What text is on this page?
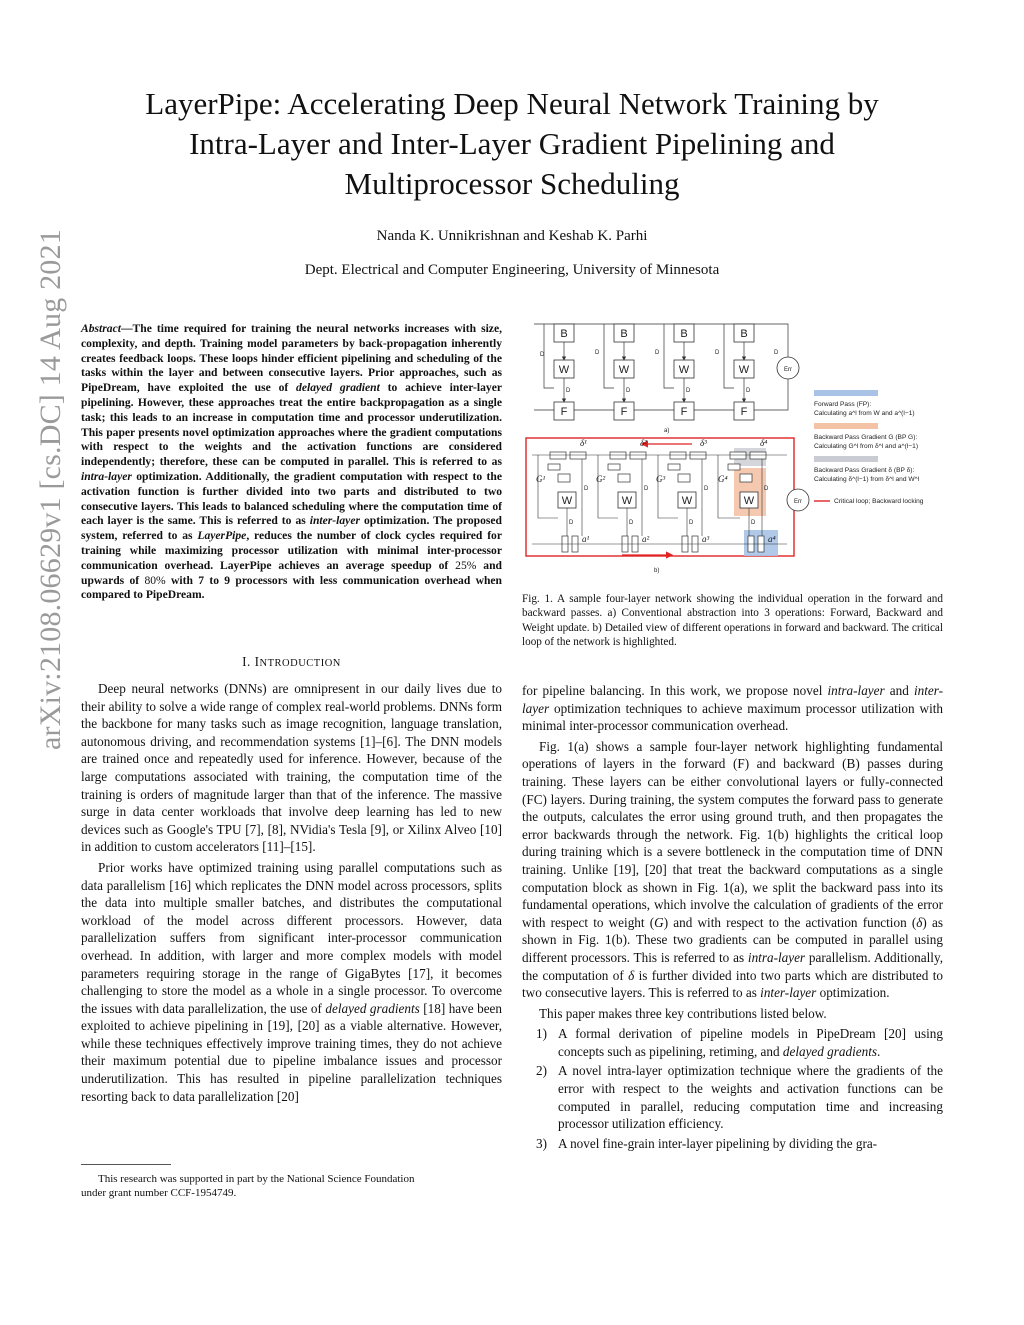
arXiv:2108.06629v1 [cs.DC] 14 Aug 2021
LayerPipe: Accelerating Deep Neural Network Training by
Intra-Layer and Inter-Layer Gradient Pipelining and
Multiprocessor Scheduling
Nanda K. Unnikrishnan and Keshab K. Parhi
Dept. Electrical and Computer Engineering, University of Minnesota
Abstract—The time required for training the neural networks increases with size, complexity, and depth. Training model parameters by back-propagation inherently creates feedback loops. These loops hinder efficient pipelining and scheduling of the tasks within the layer and between consecutive layers. Prior approaches, such as PipeDream, have exploited the use of delayed gradient to achieve inter-layer pipelining. However, these approaches treat the entire backpropagation as a single task; this leads to an increase in computation time and processor underutilization. This paper presents novel optimization approaches where the gradient computations with respect to the weights and the activation functions are considered independently; therefore, these can be computed in parallel. This is referred to as intra-layer optimization. Additionally, the gradient computation with respect to the activation function is further divided into two parts and distributed to two consecutive layers. This leads to balanced scheduling where the computation time of each layer is the same. This is referred to as inter-layer optimization. The proposed system, referred to as LayerPipe, reduces the number of clock cycles required for training while maximizing processor utilization with minimal inter-processor communication overhead. LayerPipe achieves an average speedup of 25% and upwards of 80% with 7 to 9 processors with less communication overhead when compared to PipeDream.
I. INTRODUCTION

Deep neural networks (DNNs) are omnipresent in our daily lives due to their ability to solve a wide range of complex real-world problems. DNNs form the backbone for many tasks such as image recognition, language translation, autonomous driving, and recommendation systems [1]–[6]. The DNN models are trained once and repeatedly used for inference. However, because of the large computations associated with training, the computation time of the training is orders of magnitude larger than that of the inference. The massive surge in data center workloads that involve deep learning has led to new devices such as Google's TPU [7], [8], NVidia's Tesla [9], or Xilinx Alveo [10] in addition to custom accelerators [11]–[15].

Prior works have optimized training using parallel computations such as data parallelism [16] which replicates the DNN model across processors, splits the data into multiple smaller batches, and distributes the computational workload of the model across different processors. However, data parallelization suffers from significant inter-processor communication overhead. In addition, with larger and more complex models with model parameters requiring storage in the range of GigaBytes [17], it becomes challenging to store the model as a whole in a single processor. To overcome the issues with data parallelization, the use of delayed gradients [18] have been exploited to achieve pipelining in [19], [20] as a viable alternative. However, while these techniques effectively improve training times, they do not achieve their maximum potential due to pipeline imbalance issues and processor underutilization. This has resulted in pipeline parallelization techniques resorting back to data parallelization [20]

This research was supported in part by the National Science Foundation
under grant number CCF-1954749.
B	B	B	B
W	W	W	W
F	F	F	F
D	D	D	D	D
D	D	D	D
Err
a)
δ¹	δ²	δ³	δ⁴
G¹	G²	G³	G⁴
W	W	W	W
D	D	D	D
D	D	D	D
a¹	a²	a³	a⁴
Err
b)
Forward Pass (FP):
Calculating a^l from W and a^(l−1)
Backward Pass Gradient G (BP G):
Calculating G^l from δ^l and a^(l−1)
Backward Pass Gradient δ (BP δ):
Calculating δ^(l−1) from δ^l and W^l
Critical loop; Backward locking
Fig. 1. A sample four-layer network showing the individual operation in the forward and backward passes. a) Conventional abstraction into 3 operations: Forward, Backward and Weight update. b) Detailed view of different operations in forward and backward. The critical loop of the network is highlighted.

for pipeline balancing. In this work, we propose novel intra-layer and inter-layer optimization techniques to achieve maximum processor utilization with minimal inter-processor communication overhead.

Fig. 1(a) shows a sample four-layer network highlighting fundamental operations of layers in the forward (F) and backward (B) passes during training. These layers can be either convolutional layers or fully-connected (FC) layers. During training, the system computes the forward pass to generate the outputs, calculates the error using ground truth, and then propagates the error backwards through the network. Fig. 1(b) highlights the critical loop during training which is a severe bottleneck in the computation time of DNN training. Unlike [19], [20] that treat the backward computations as a single computation block as shown in Fig. 1(a), we split the backward pass into its fundamental operations, which involve the calculation of gradients of the error with respect to weight (G) and with respect to the activation function (δ) as shown in Fig. 1(b). These two gradients can be computed in parallel using different processors. This is referred to as intra-layer parallelism. Additionally, the computation of δ is further divided into two parts which are distributed to two consecutive layers. This is referred to as inter-layer optimization.

This paper makes three key contributions listed below.

1) A formal derivation of pipeline models in PipeDream [20] using concepts such as pipelining, retiming, and delayed gradients.
2) A novel intra-layer optimization technique where the gradients of the error with respect to the weights and activation functions can be computed in parallel, reducing computation time and increasing processor utilization efficiency.
3) A novel fine-grain inter-layer pipelining by dividing the gra-
